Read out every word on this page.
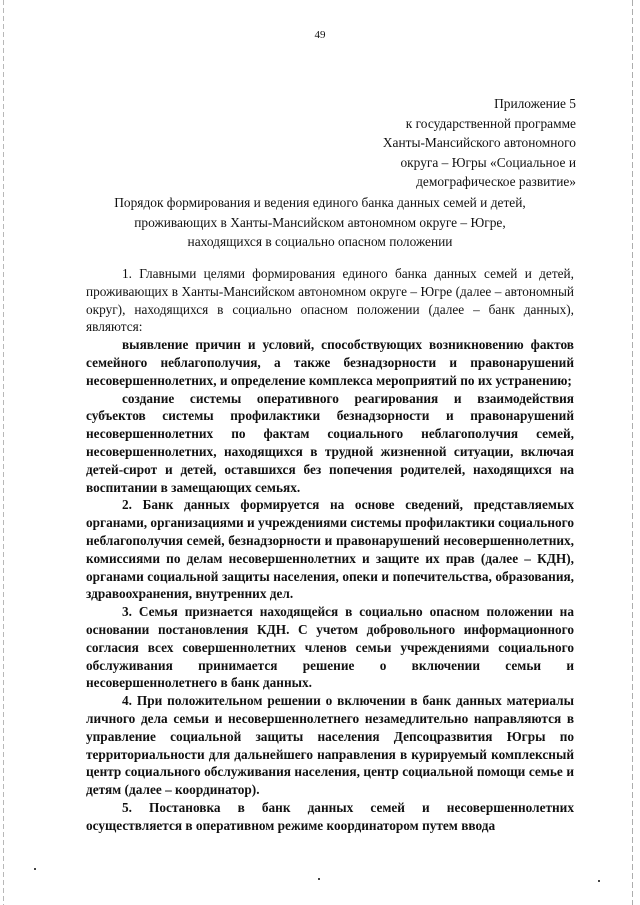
49
Приложение 5
к государственной программе
Ханты-Мансийского автономного
округа – Югры «Социальное и
демографическое развитие»
Порядок формирования и ведения единого банка данных семей и детей,
проживающих в Ханты-Мансийском автономном округе – Югре,
находящихся в социально опасном положении

1. Главными целями формирования единого банка данных семей и детей, проживающих в Ханты-Мансийском автономном округе – Югре (далее – автономный округ), находящихся в социально опасном положении (далее – банк данных), являются:

выявление причин и условий, способствующих возникновению фактов семейного неблагополучия, а также безнадзорности и правонарушений несовершеннолетних, и определение комплекса мероприятий по их устранению;

создание системы оперативного реагирования и взаимодействия субъектов системы профилактики безнадзорности и правонарушений несовершеннолетних по фактам социального неблагополучия семей, несовершеннолетних, находящихся в трудной жизненной ситуации, включая детей-сирот и детей, оставшихся без попечения родителей, находящихся на воспитании в замещающих семьях.

2. Банк данных формируется на основе сведений, представляемых органами, организациями и учреждениями системы профилактики социального неблагополучия семей, безнадзорности и правонарушений несовершеннолетних, комиссиями по делам несовершеннолетних и защите их прав (далее – КДН), органами социальной защиты населения, опеки и попечительства, образования, здравоохранения, внутренних дел.

3. Семья признается находящейся в социально опасном положении на основании постановления КДН. С учетом добровольного информационного согласия всех совершеннолетних членов семьи учреждениями социального обслуживания принимается решение о включении семьи и несовершеннолетнего в банк данных.

4. При положительном решении о включении в банк данных материалы личного дела семьи и несовершеннолетнего незамедлительно направляются в управление социальной защиты населения Депсоцразвития Югры по территориальности для дальнейшего направления в курируемый комплексный центр социального обслуживания населения, центр социальной помощи семье и детям (далее – координатор).

5. Постановка в банк данных семей и несовершеннолетних осуществляется в оперативном режиме координатором путем ввода
